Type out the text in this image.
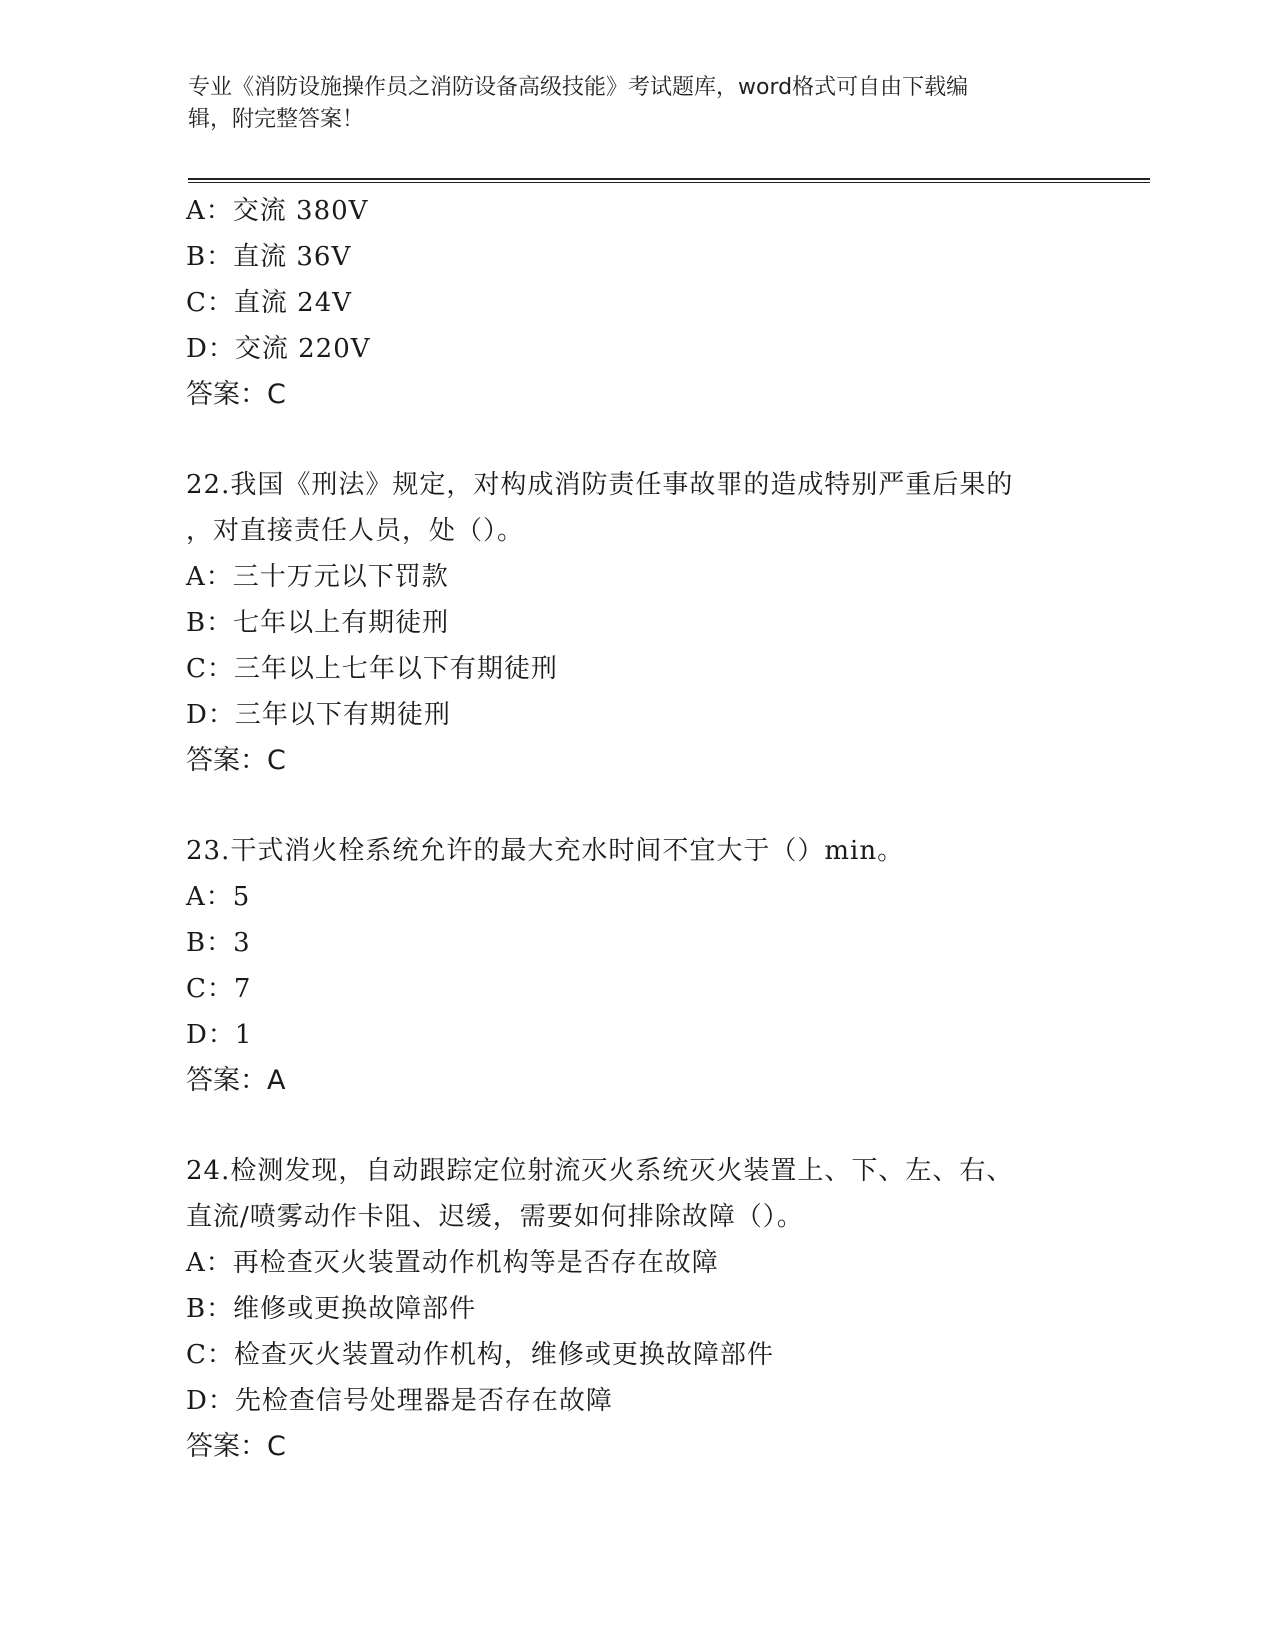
专业《消防设施操作员之消防设备高级技能》考试题库，word格式可自由下载编
辑，附完整答案！
A：交流 380V
B：直流 36V
C：直流 24V
D：交流 220V
答案：C
22.我国《刑法》规定，对构成消防责任事故罪的造成特别严重后果的
，对直接责任人员，处（）。
A：三十万元以下罚款
B：七年以上有期徒刑
C：三年以上七年以下有期徒刑
D：三年以下有期徒刑
答案：C
23.干式消火栓系统允许的最大充水时间不宜大于（）min。
A：5
B：3
C：7
D：1
答案：A
24.检测发现，自动跟踪定位射流灭火系统灭火装置上、下、左、右、
直流/喷雾动作卡阻、迟缓，需要如何排除故障（）。
A：再检查灭火装置动作机构等是否存在故障
B：维修或更换故障部件
C：检查灭火装置动作机构，维修或更换故障部件
D：先检查信号处理器是否存在故障
答案：C
